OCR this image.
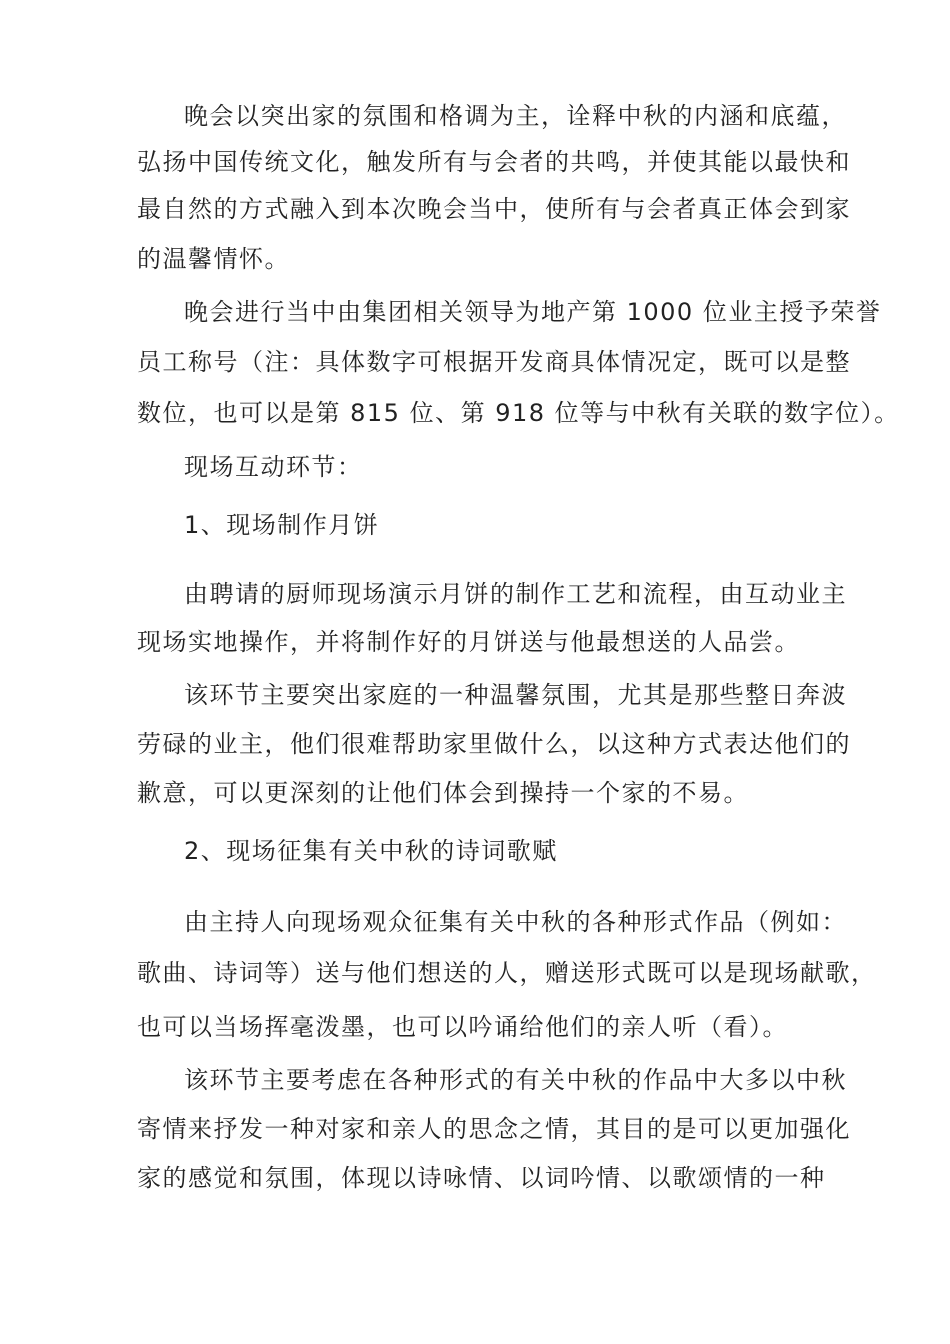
晚会以突出家的氛围和格调为主，诠释中秋的内涵和底蕴，
弘扬中国传统文化，触发所有与会者的共鸣，并使其能以最快和
最自然的方式融入到本次晚会当中，使所有与会者真正体会到家
的温馨情怀。
晚会进行当中由集团相关领导为地产第 1000 位业主授予荣誉
员工称号（注：具体数字可根据开发商具体情况定，既可以是整
数位，也可以是第 815 位、第 918 位等与中秋有关联的数字位）。
现场互动环节：
1、现场制作月饼
由聘请的厨师现场演示月饼的制作工艺和流程，由互动业主
现场实地操作，并将制作好的月饼送与他最想送的人品尝。
该环节主要突出家庭的一种温馨氛围，尤其是那些整日奔波
劳碌的业主，他们很难帮助家里做什么，以这种方式表达他们的
歉意，可以更深刻的让他们体会到操持一个家的不易。
2、现场征集有关中秋的诗词歌赋
由主持人向现场观众征集有关中秋的各种形式作品（例如：
歌曲、诗词等）送与他们想送的人，赠送形式既可以是现场献歌，
也可以当场挥毫泼墨，也可以吟诵给他们的亲人听（看）。
该环节主要考虑在各种形式的有关中秋的作品中大多以中秋
寄情来抒发一种对家和亲人的思念之情，其目的是可以更加强化
家的感觉和氛围，体现以诗咏情、以词吟情、以歌颂情的一种
